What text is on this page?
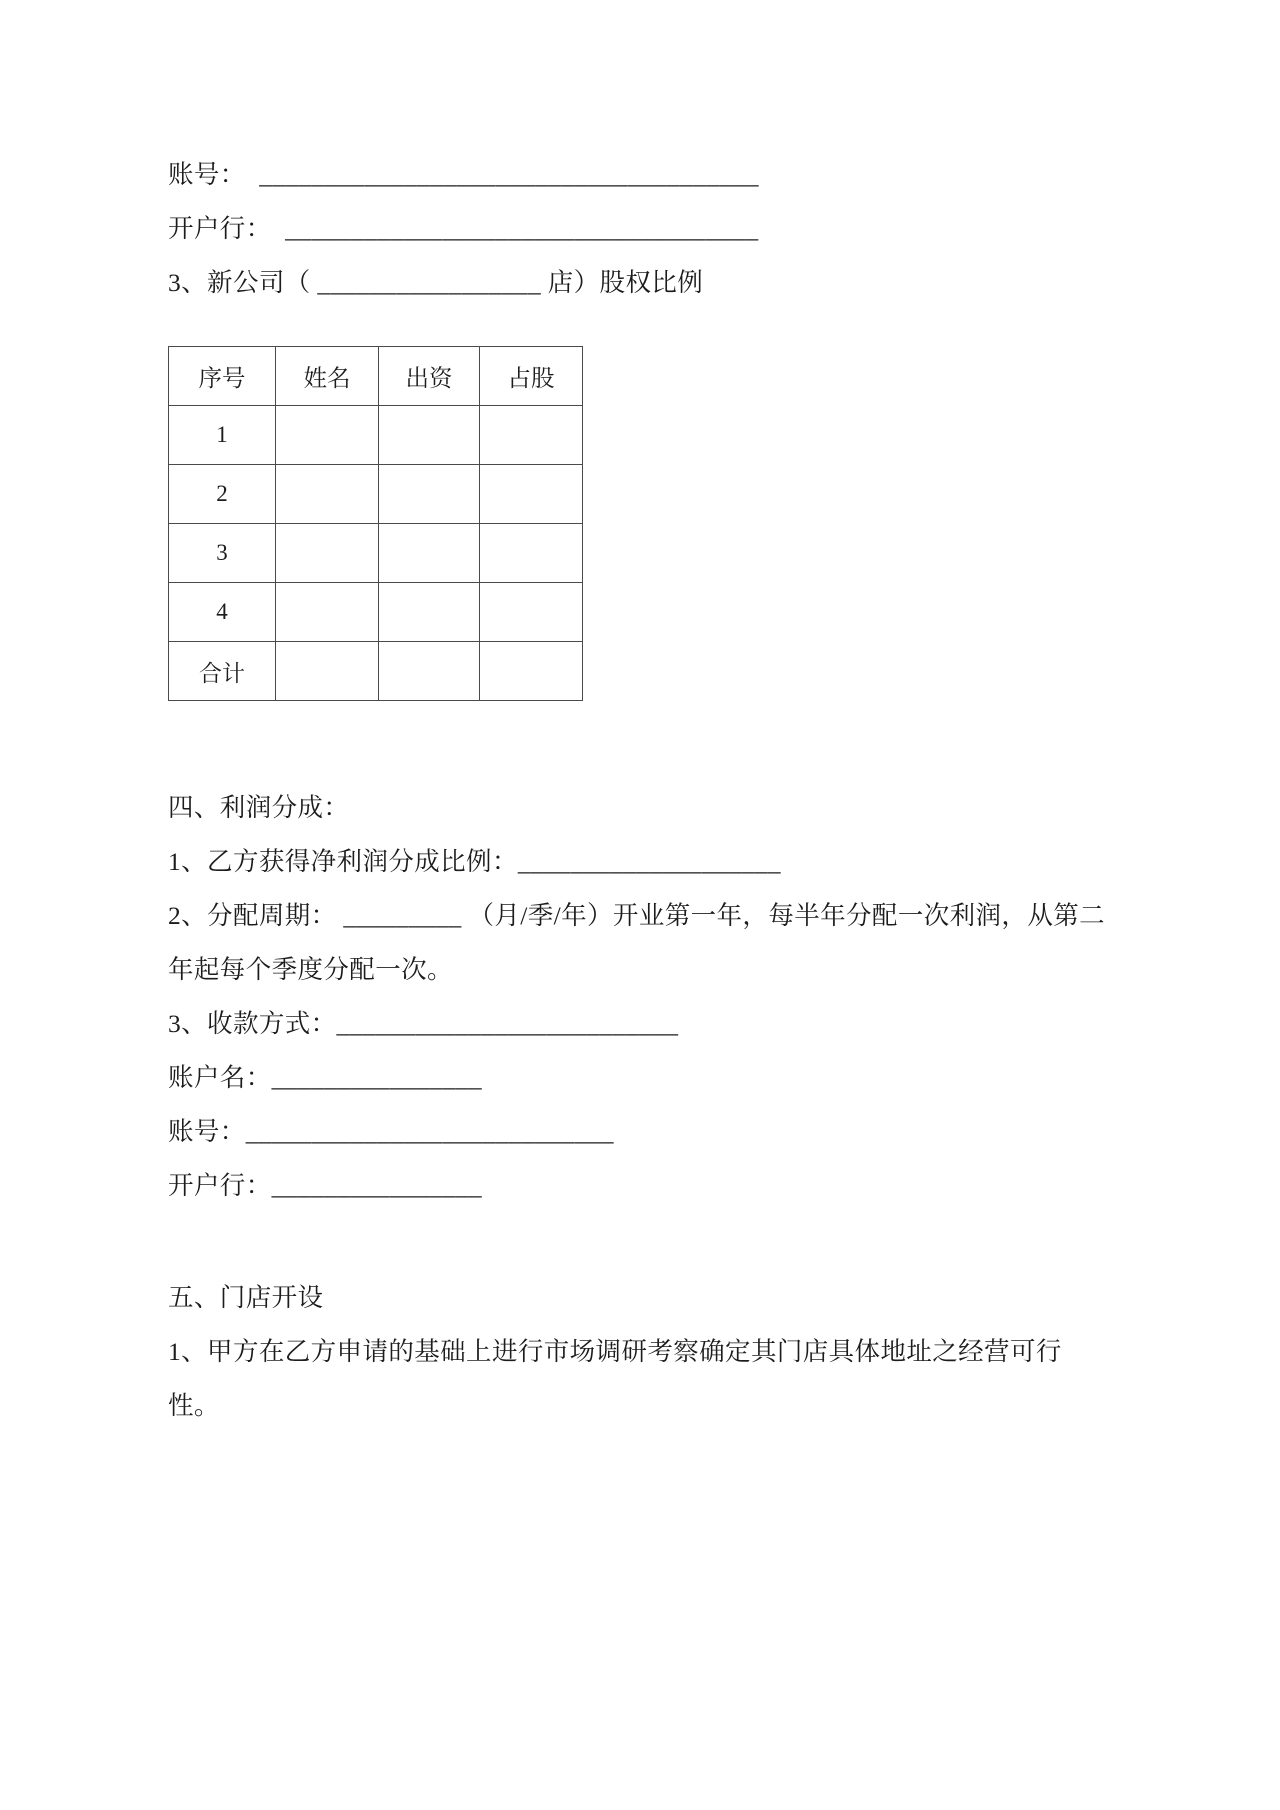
账号：  ______________________________________
开户行：  ____________________________________
3、新公司（ _________________ 店）股权比例
序号	姓名	出资	占股
1			
2			
3			
4			
合计			
四、利润分成：
1、乙方获得净利润分成比例：____________________
2、分配周期： _________ （月/季/年）开业第一年，每半年分配一次利润，从第二年起每个季度分配一次。
3、收款方式：__________________________
账户名：________________
账号：____________________________
开户行：________________
五、门店开设
1、甲方在乙方申请的基础上进行市场调研考察确定其门店具体地址之经营可行性。
